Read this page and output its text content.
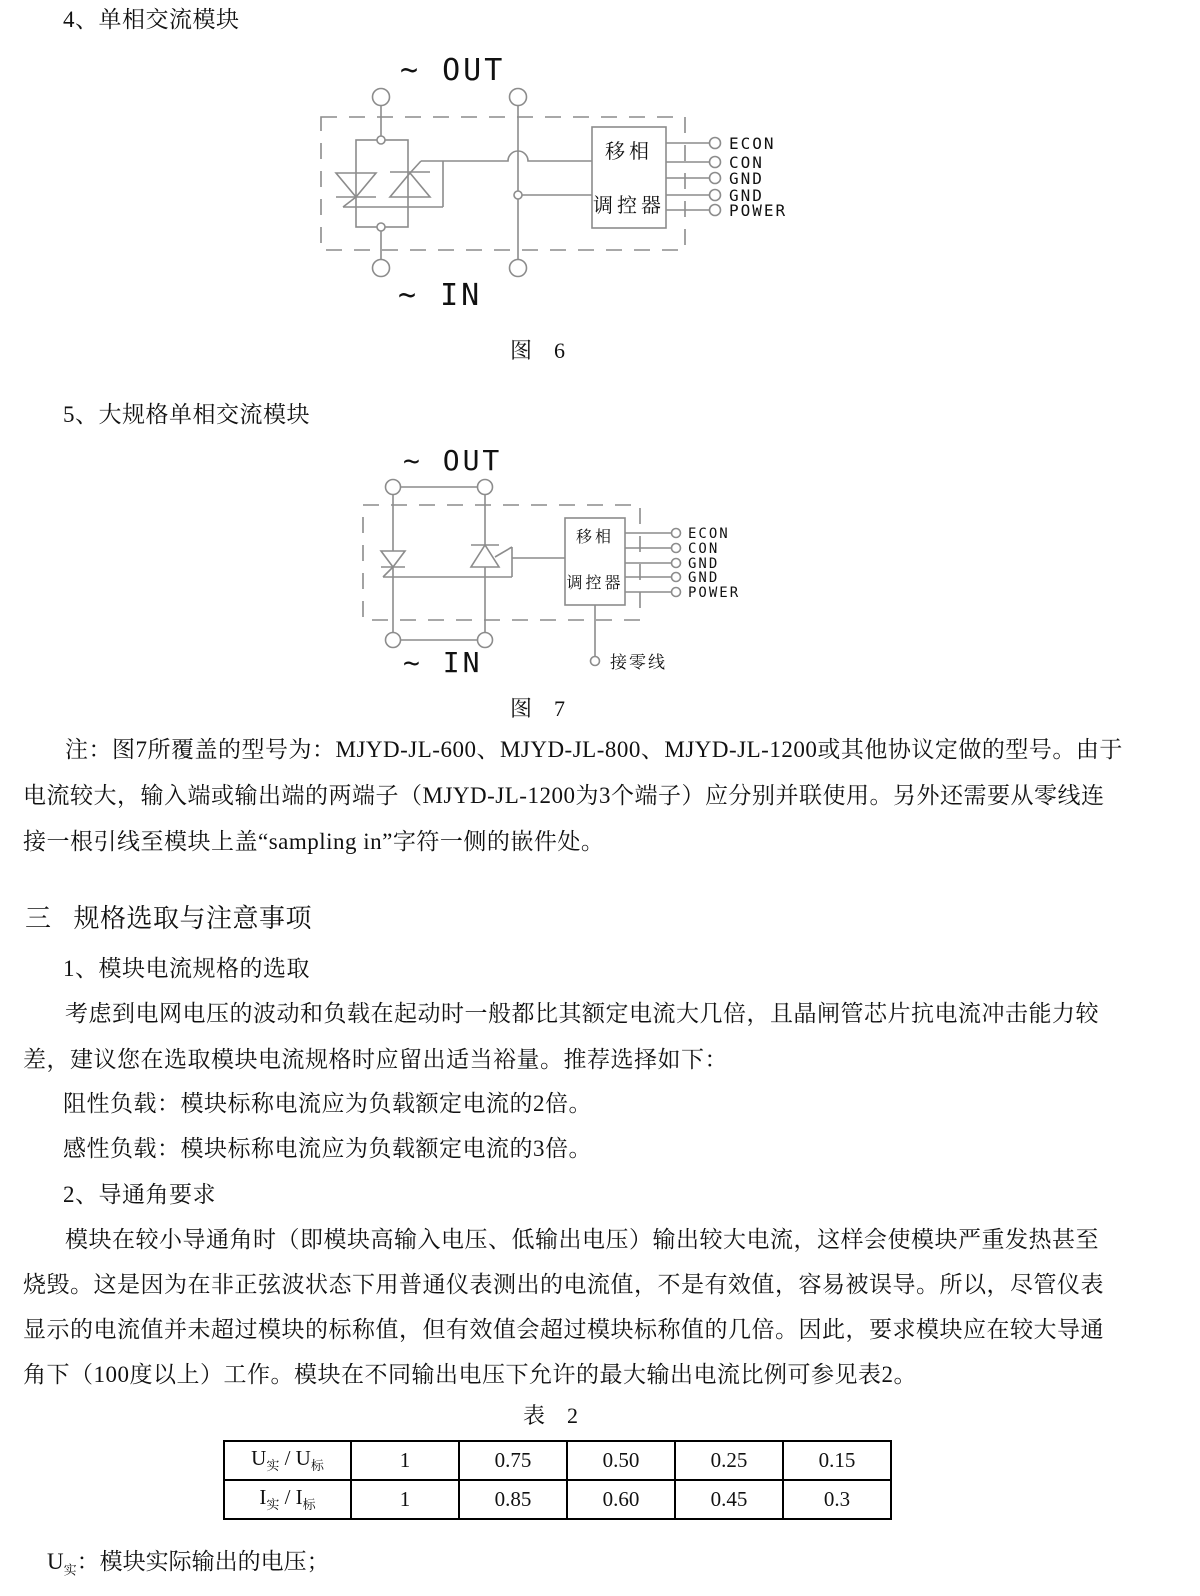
4、单相交流模块
5、大规格单相交流模块
~ OUT
移相
调控器
ECON
CON
GND
GND
POWER
~ IN
图　6
~ OUT
移相
调控器
ECON
CON
GND
GND
POWER
接零线
~ IN
图　7
注：图7所覆盖的型号为：MJYD-JL-600、MJYD-JL-800、MJYD-JL-1200或其他协议定做的型号。由于
电流较大，输入端或输出端的两端子（MJYD-JL-1200为3个端子）应分别并联使用。另外还需要从零线连
接一根引线至模块上盖“sampling in”字符一侧的嵌件处。
三 规格选取与注意事项
1、模块电流规格的选取
考虑到电网电压的波动和负载在起动时一般都比其额定电流大几倍，且晶闸管芯片抗电流冲击能力较
差，建议您在选取模块电流规格时应留出适当裕量。推荐选择如下：
阻性负载：模块标称电流应为负载额定电流的2倍。
感性负载：模块标称电流应为负载额定电流的3倍。
2、导通角要求
模块在较小导通角时（即模块高输入电压、低输出电压）输出较大电流，这样会使模块严重发热甚至
烧毁。这是因为在非正弦波状态下用普通仪表测出的电流值，不是有效值，容易被误导。所以，尽管仪表
显示的电流值并未超过模块的标称值，但有效值会超过模块标称值的几倍。因此，要求模块应在较大导通
角下（100度以上）工作。模块在不同输出电压下允许的最大输出电流比例可参见表2。
表　2
$U_实 / U_标$	1	0.75	0.50	0.25	0.15
$I_实 / I_标$	1	0.85	0.60	0.45	0.3
$U_实$：模块实际输出的电压；
